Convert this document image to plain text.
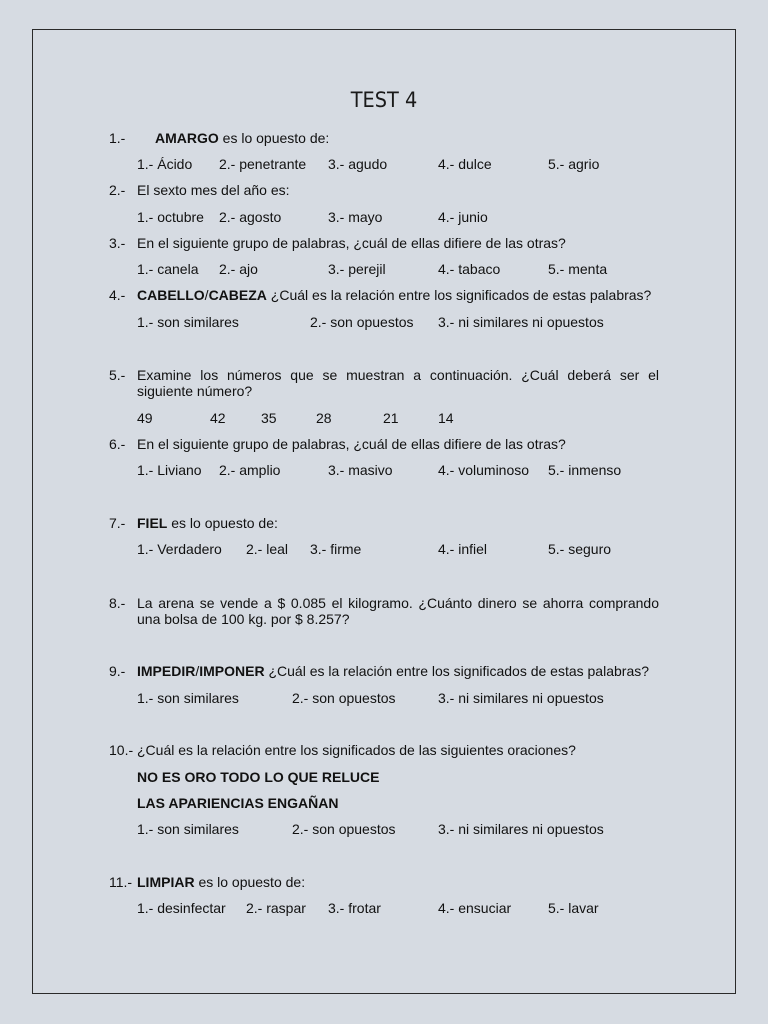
TEST 4
1.- AMARGO es lo opuesto de:
1.- Ácido 2.- penetrante 3.- agudo	4.- dulce	5.- agrio
2.- El sexto mes del año es:
1.- octubre 2.- agosto	3.- mayo	4.- junio
3.- En el siguiente grupo de palabras, ¿cuál de ellas difiere de las otras?
1.- canela 2.- ajo	3.- perejil	4.- tabaco	5.- menta
4.- CABELLO/CABEZA ¿Cuál es la relación entre los significados de estas palabras?
1.- son similares	2.- son opuestos 3.- ni similares ni opuestos
5.- Examine los números que se muestran a continuación. ¿Cuál deberá ser el siguiente número?
49	42	35	28	21	14
6.- En el siguiente grupo de palabras, ¿cuál de ellas difiere de las otras?
1.- Liviano 2.- amplio	3.- masivo	4.- voluminoso 5.- inmenso
7.- FIEL es lo opuesto de:
1.- Verdadero 2.- leal 3.- firme	4.- infiel	5.- seguro
8.- La arena se vende a $ 0.085 el kilogramo. ¿Cuánto dinero se ahorra comprando una bolsa de 100 kg. por $ 8.257?
9.- IMPEDIR/IMPONER ¿Cuál es la relación entre los significados de estas palabras?
1.- son similares	2.- son opuestos	3.- ni similares ni opuestos
10.- ¿Cuál es la relación entre los significados de las siguientes oraciones?
NO ES ORO TODO LO QUE RELUCE
LAS APARIENCIAS ENGAÑAN
1.- son similares	2.- son opuestos	3.- ni similares ni opuestos
11.- LIMPIAR es lo opuesto de:
1.- desinfectar 2.- raspar 3.- frotar	4.- ensuciar	5.- lavar
